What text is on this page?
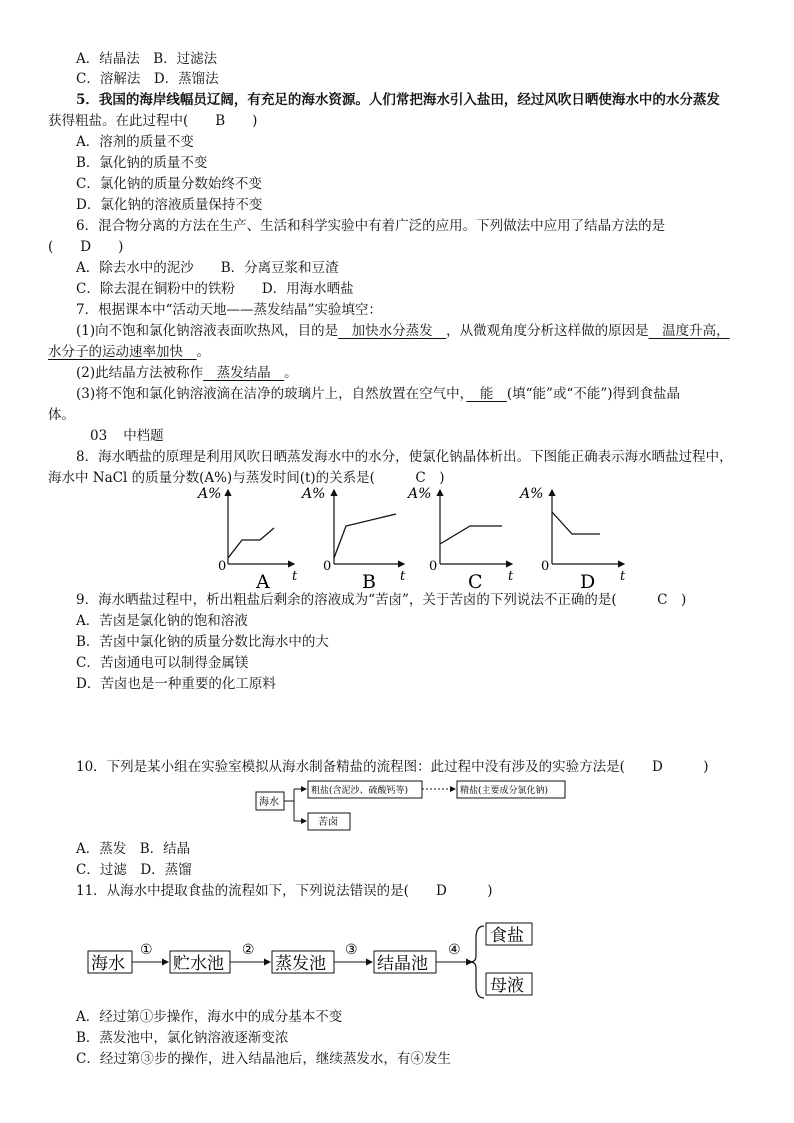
A．结晶法　B．过滤法
C．溶解法　D．蒸馏法
5．我国的海岸线幅员辽阔，有充足的海水资源。人们常把海水引入盐田，经过风吹日晒使海水中的水分蒸发
获得粗盐。在此过程中(　　B　　)
A．溶剂的质量不变
B．氯化钠的质量不变
C．氯化钠的质量分数始终不变
D．氯化钠的溶液质量保持不变
6．混合物分离的方法在生产、生活和科学实验中有着广泛的应用。下列做法中应用了结晶方法的是
(　　D　　)
A．除去水中的泥沙　　B．分离豆浆和豆渣
C．除去混在铜粉中的铁粉　　D．用海水晒盐
7．根据课本中“活动天地——蒸发结晶”实验填空：
(1)向不饱和氯化钠溶液表面吹热风，目的是　加快水分蒸发　，从微观角度分析这样做的原因是　温度升高，
水分子的运动速率加快　。
(2)此结晶方法被称作　蒸发结晶　。
(3)将不饱和氯化钠溶液滴在洁净的玻璃片上，自然放置在空气中，　能　(填“能”或“不能”)得到食盐晶
体。
03 中档题
8．海水晒盐的原理是利用风吹日晒蒸发海水中的水分，使氯化钠晶体析出。下图能正确表示海水晒盐过程中，
海水中 NaCl 的质量分数(A%)与蒸发时间(t)的关系是(　　　C　)
A%
0
t
A
A%
0
t
B
A%
0
t
C
A%
0
t
D
9．海水晒盐过程中，析出粗盐后剩余的溶液成为“苦卤”，关于苦卤的下列说法不正确的是(　　　C　)
A．苦卤是氯化钠的饱和溶液
B．苦卤中氯化钠的质量分数比海水中的大
C．苦卤通电可以制得金属镁
D．苦卤也是一种重要的化工原料
10．下列是某小组在实验室模拟从海水制备精盐的流程图：此过程中没有涉及的实验方法是(　　D　　　)
海水
粗盐(含泥沙、硫酸钙等)	精盐(主要成分氯化钠)
苦卤
A．蒸发　B．结晶
C．过滤　D．蒸馏
11．从海水中提取食盐的流程如下，下列说法错误的是(　　D　　　)
海水
①
贮水池
②
蒸发池
③
结晶池
④
食盐
母液
A．经过第①步操作，海水中的成分基本不变
B．蒸发池中，氯化钠溶液逐渐变浓
C．经过第③步的操作，进入结晶池后，继续蒸发水，有④发生
